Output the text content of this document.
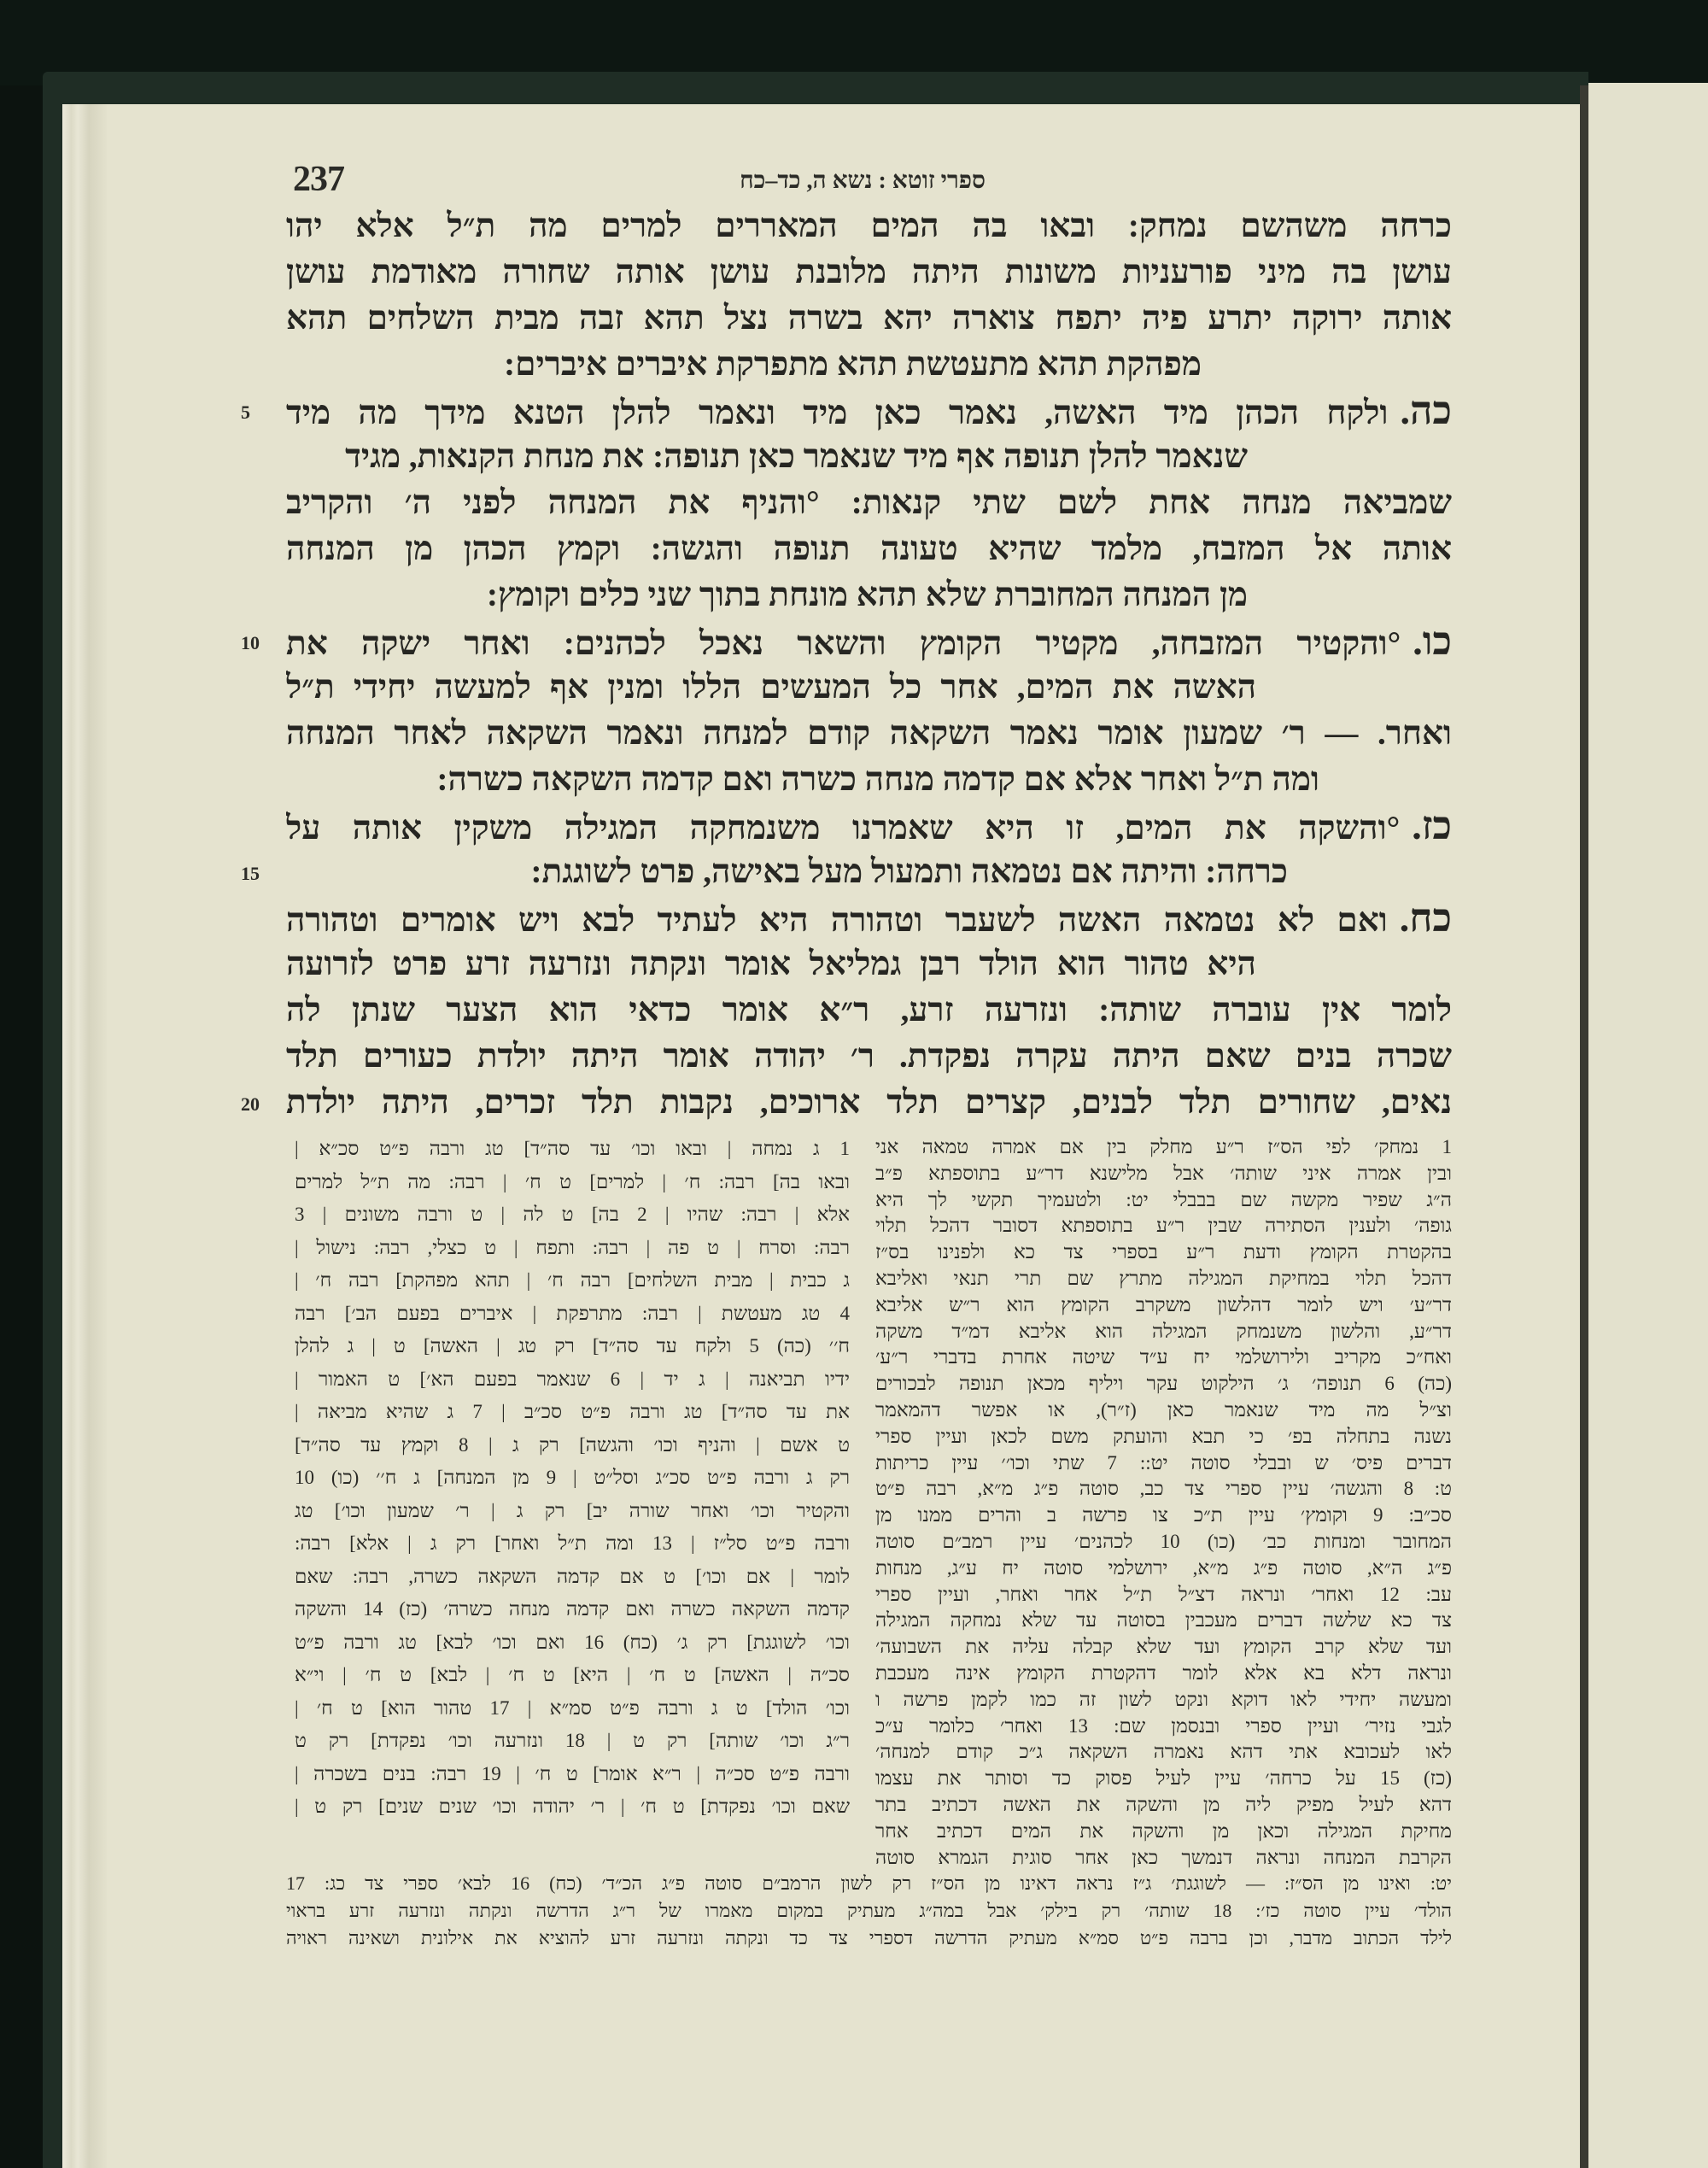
237	ספרי זוטא : נשא ה, כד–כח
כרחה משהשם נמחק: ובאו בה המים המאררים למרים מה ת״ל אלא יהו
עושן בה מיני פורעניות משונות היתה מלובנת עושן אותה שחורה מאודמת עושן
אותה ירוקה יתרע פיה יתפח צוארה יהא בשרה נצל תהא זבה מבית השלחים תהא
מפהקת תהא מתעטשת תהא מתפרקת איברים איברים:
כה.ולקח הכהן מיד האשה, נאמר כאן מיד ונאמר להלן הטנא מידך מה מיד
שנאמר להלן תנופה אף מיד שנאמר כאן תנופה: את מנחת הקנאות, מגיד
שמביאה מנחה אחת לשם שתי קנאות: °והניף את המנחה לפני ה׳ והקריב
אותה אל המזבח, מלמד שהיא טעונה תנופה והגשה: וקמץ הכהן מן המנחה
מן המנחה המחוברת שלא תהא מונחת בתוך שני כלים וקומץ:
כו.°והקטיר המזבחה, מקטיר הקומץ והשאר נאכל לכהנים: ואחר ישקה את
האשה את המים, אחר כל המעשים הללו ומנין אף למעשה יחידי ת״ל
ואחר. — ר׳ שמעון אומר נאמר השקאה קודם למנחה ונאמר השקאה לאחר המנחה
ומה ת״ל ואחר אלא אם קדמה מנחה כשרה ואם קדמה השקאה כשרה:
כז.°והשקה את המים, זו היא שאמרנו משנמחקה המגילה משקין אותה על
כרחה: והיתה אם נטמאה ותמעול מעל באישה, פרט לשוגגת:
כח.ואם לא נטמאה האשה לשעבר וטהורה היא לעתיד לבא ויש אומרים וטהורה
היא טהור הוא הולד רבן גמליאל אומר ונקתה ונזרעה זרע פרט לזרועה
לומר אין עוברה שותה: ונזרעה זרע, ר״א אומר כדאי הוא הצער שנתן לה
שכרה בנים שאם היתה עקרה נפקדת. ר׳ יהודה אומר היתה יולדת כעורים תלד
נאים, שחורים תלד לבנים, קצרים תלד ארוכים, נקבות תלד זכרים, היתה יולדת
5
10
15
20
1 ג נמחה | ובאו וכו׳ עד סה״ד] טג ורבה פ״ט סכ״א |
ובאו בה] רבה: ח׳ | למרים] ט ח׳ | רבה: מה ת״ל למרים
אלא | רבה: שהיו | 2 בה] ט לה | ט ורבה משונים | 3
רבה: וסרח | ט פה | רבה: ותפח | ט כצלי, רבה: נישול |
ג כבית | מבית השלחים] רבה ח׳ | תהא מפהקת] רבה ח׳ |
4 טג מעטשת | רבה: מתרפקת | איברים בפעם הב׳] רבה
ח׳׳ (כה) 5 ולקח עד סה״ד] רק טג | האשה] ט | ג להלן
ידיו תביאנה | ג יד | 6 שנאמר בפעם הא׳] ט האמור |
את עד סה״ד] טג ורבה פ״ט סכ״ב | 7 ג שהיא מביאה |
ט אשם | והניף וכו׳ והגשה] רק ג | 8 וקמץ עד סה״ד]
רק ג ורבה פ״ט סכ״ג וסל״ט | 9 מן המנחה] ג ח׳׳ (כו) 10
והקטיר וכו׳ ואחר שורה יב] רק ג | ר׳ שמעון וכו׳] טג
ורבה פ״ט סל״ז | 13 ומה ת״ל ואחר] רק ג | אלא] רבה:
לומר | אם וכו׳] ט אם קדמה השקאה כשרה, רבה: שאם
קדמה השקאה כשרה ואם קדמה מנחה כשרה׳ (כז) 14 והשקה
וכו׳ לשוגגת] רק ג׳ (כח) 16 ואם וכו׳ לבא] טג ורבה פ״ט
סכ״ה | האשה] ט ח׳ | היא] ט ח׳ | לבא] ט ח׳ | וי״א
וכו׳ הולד] ט ג ורבה פ״ט סמ״א | 17 טהור הוא] ט ח׳ |
ר״ג וכו׳ שותה] רק ט | 18 ונזרעה וכו׳ נפקדת] רק ט
ורבה פ״ט סכ״ה | ר״א אומר] ט ח׳ | 19 רבה: בנים בשכרה |
שאם וכו׳ נפקדת] ט ח׳ | ר׳ יהודה וכו׳ שנים שנים] רק ט |
1 נמחק׳ לפי הס״ז ר״ע מחלק בין אם אמרה טמאה אני
ובין אמרה איני שותה׳ אבל מלישנא דר״ע בתוספתא פ״ב
ה״ג שפיר מקשה שם בבבלי יט: ולטעמיך תקשי לך היא
גופה׳ ולענין הסתירה שבין ר״ע בתוספתא דסובר דהכל תלוי
בהקטרת הקומץ ודעת ר״ע בספרי צד כא ולפנינו בס״ז
דהכל תלוי במחיקת המגילה מתרץ שם תרי תנאי ואליבא
דר״ע׳ ויש לומר דהלשון משקרב הקומץ הוא ר״ש אליבא
דר״ע, והלשון משנמחק המגילה הוא אליבא דמ״ד משקה
ואח״כ מקריב ולירושלמי יח ע״ד שיטה אחרת בדברי ר״ע׳
(כה) 6 תנופה׳ ג׳ הילקוט עקר ויליף מכאן תנופה לבכורים
וצ״ל מה מיד שנאמר כאן (ז״ר), או אפשר דהמאמר
נשנה בתחלה בפ׳ כי תבא והועתק משם לכאן ועיין ספרי
דברים פיס׳ ש ובבלי סוטה יט:: 7 שתי וכו׳׳ עיין כריתות
ט: 8 והגשה׳ עיין ספרי צד כב, סוטה פ״ג מ״א, רבה פ״ט
סכ״ב: 9 וקומץ׳ עיין ת״כ צו פרשה ב והרים ממנו מן
המחובר ומנחות כב׳ (כו) 10 לכהנים׳ עיין רמב״ם סוטה
פ״ג ה״א, סוטה פ״ג מ״א, ירושלמי סוטה יח ע״ג, מנחות
עב: 12 ואחר׳ ונראה דצ״ל ת״ל אחר ואחר, ועיין ספרי
צד כא שלשה דברים מעכבין בסוטה עד שלא נמחקה המגילה
ועד שלא קרב הקומץ ועד שלא קבלה עליה את השבועה׳
ונראה דלא בא אלא לומר דהקטרת הקומץ אינה מעכבת
ומעשה יחידי לאו דוקא ונקט לשון זה כמו לקמן פרשה ו
לגבי נזיר׳ ועיין ספרי ובנסמן שם: 13 ואחר׳ כלומר ע״כ
לאו לעכובא אתי דהא נאמרה השקאה ג״כ קודם למנחה׳
(כז) 15 על כרחה׳ עיין לעיל פסוק כד וסותר את עצמו
דהא לעיל מפיק ליה מן והשקה את האשה דכתיב בתר
מחיקת המגילה וכאן מן והשקה את המים דכתיב אחר
הקרבת המנחה ונראה דנמשך כאן אחר סוגית הגמרא סוטה
יט: ואינו מן הס״ז: — לשוגגת׳ ג״ז נראה דאינו מן הס״ז רק לשון הרמב״ם סוטה פ״ג הכ״ד׳ (כח) 16 לבא׳ ספרי צד כג: 17
הולד׳ עיין סוטה כז׳: 18 שותה׳ רק בילק׳ אבל במה״ג מעתיק במקום מאמרו של ר״ג הדרשה ונקתה ונזרעה זרע בראוי
לילד הכתוב מדבר, וכן ברבה פ״ט סמ״א מעתיק הדרשה דספרי צד כד ונקתה ונזרעה זרע להוציא את אילונית ושאינה ראויה
